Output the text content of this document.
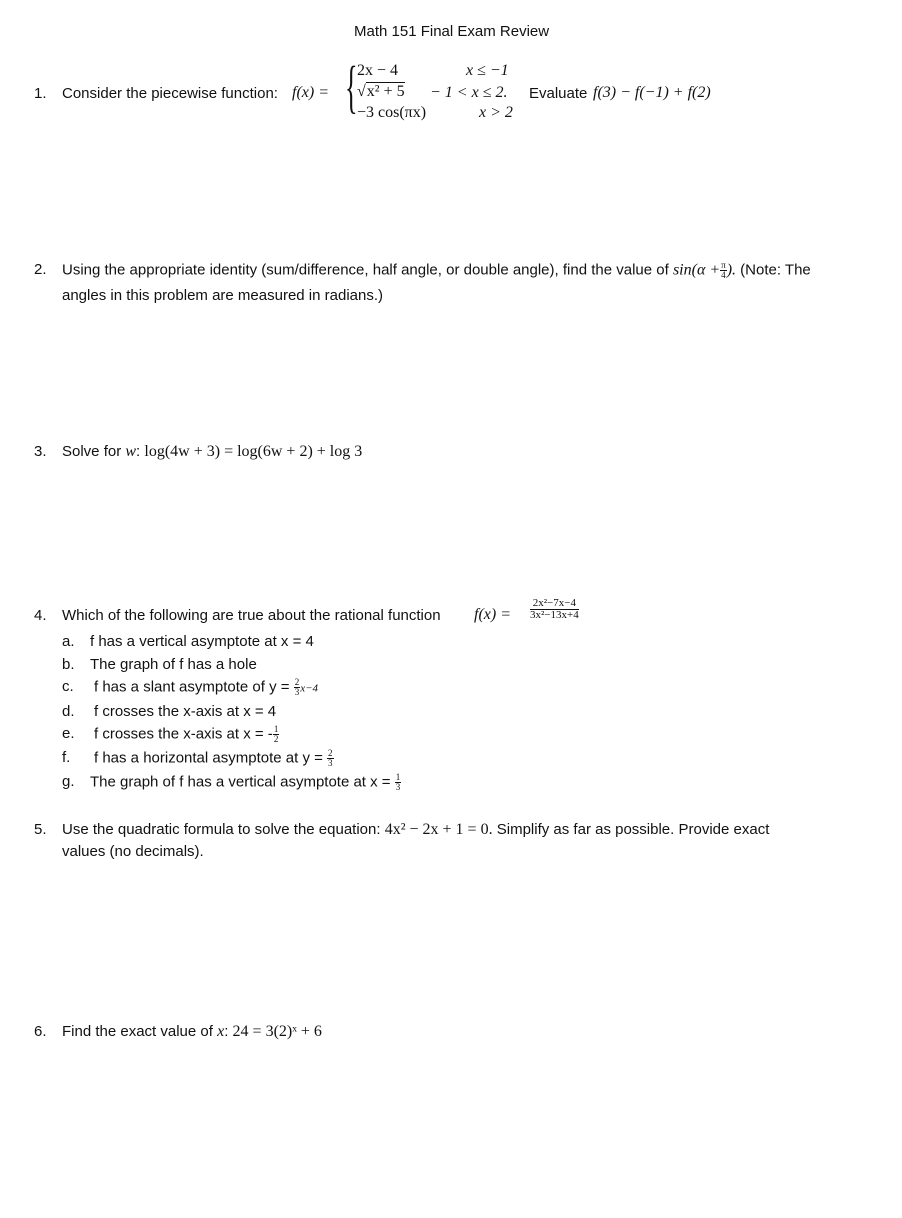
Math 151 Final Exam Review
1. Consider the piecewise function: f(x) = { 2x − 4	x ≤ −1
√x² + 5 − 1 < x ≤ 2. Evaluate f(3) − f(−1) + f(2)
−3 cos(πx)	x > 2
2. Using the appropriate identity (sum/difference, half angle, or double angle), find the value of $\sin(\alpha + \frac{\pi}{4}$ ). (Note: The
angles in this problem are measured in radians.)
3. Solve for w: log(4w + 3) = log(6w + 2) + log 3
4. Which of the following are true about the rational function $f(x) = \frac{\text{2x²−7x−4}}{\text{3x²−13x+4}}$
a. f has a vertical asymptote at x = 4
b. The graph of f has a hole
c. f has a slant asymptote of $y = \frac{2}{3} x-4$
d. f crosses the x-axis at x = 4
e. f crosses the x-axis at x = - $\frac{1}{2}$
f. f has a horizontal asymptote at $y = \frac{2}{3}$
g. The graph of f has a vertical asymptote at $x = \frac{1}{3}$
5. Use the quadratic formula to solve the equation: 4x² − 2x + 1 = 0. Simplify as far as possible. Provide exact
values (no decimals).
6. Find the exact value of x: 24 = 3(2)ˣ + 6
